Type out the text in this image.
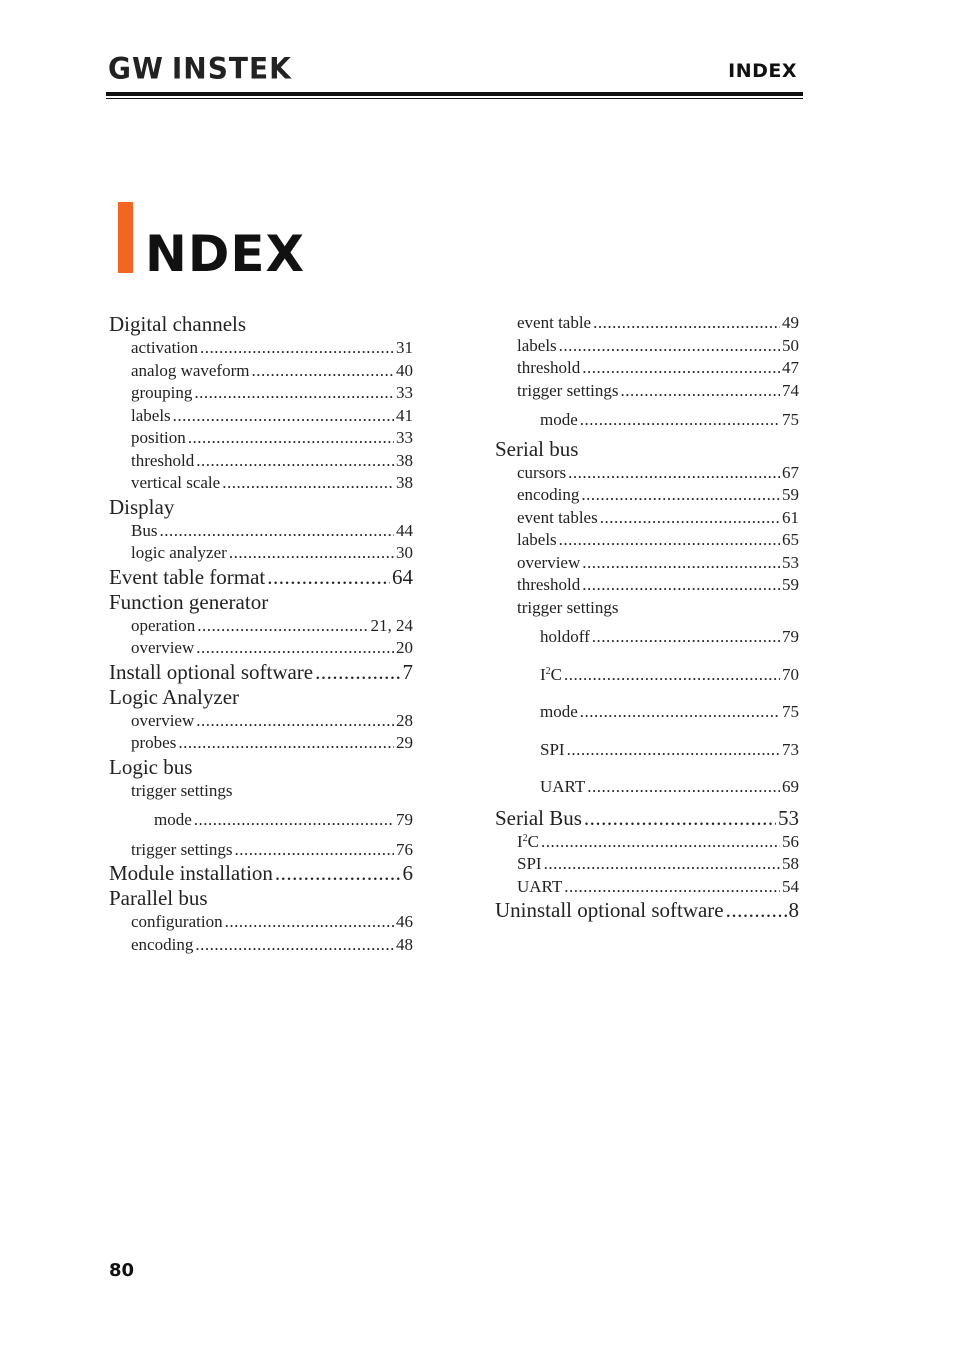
GW INSTEK	INDEX
NDEX
Digital channels
activation .....	31
analog waveform .....	40
grouping .....	33
labels .....	41
position .....	33
threshold .....	38
vertical scale .....	38
Display
Bus .....	44
logic analyzer .....	30
Event table format .....	64
Function generator
operation .....	21, 24
overview .....	20
Install optional software .....	7
Logic Analyzer
overview .....	28
probes .....	29
Logic bus
trigger settings
mode .....	79
trigger settings .....	76
Module installation .....	6
Parallel bus
configuration .....	46
encoding .....	48
event table .....	49
labels .....	50
threshold .....	47
trigger settings .....	74
mode .....	75
Serial bus
cursors .....	67
encoding .....	59
event tables .....	61
labels .....	65
overview .....	53
threshold .....	59
trigger settings
holdoff .....	79
$I^2C$ .....	70
mode .....	75
SPI .....	73
UART .....	69
Serial Bus .....	53
$I^2C$ .....	56
SPI .....	58
UART .....	54
Uninstall optional software .....	8
80
